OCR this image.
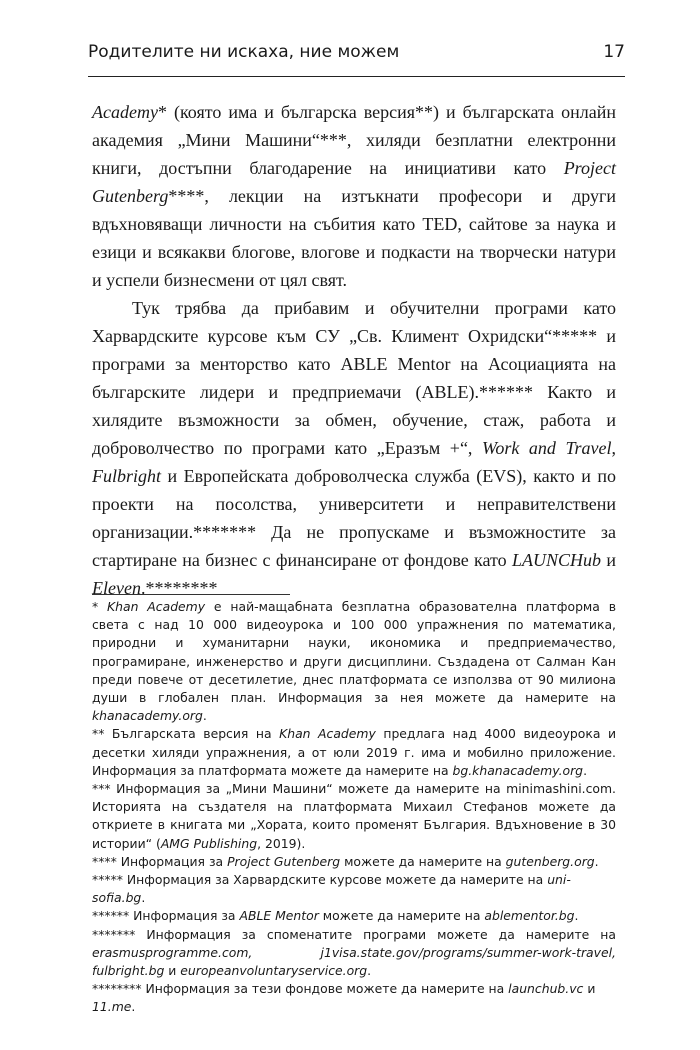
Родителите ни искаха, ние можем	17

Academy* (която има и българска версия**) и българската онлайн академия „Мини Машини“***, хиляди безплатни електронни книги, достъпни благодарение на инициативи като Project Gutenberg****, лекции на изтъкнати професори и други вдъхновяващи личности на събития като TED, сайтове за наука и езици и всякакви блогове, влогове и подкасти на творчески натури и успели бизнесмени от цял свят.

Тук трябва да прибавим и обучителни програми като Харвардските курсове към СУ „Св. Климент Охридски“***** и програми за менторство като ABLE Mentor на Асоциацията на българските лидери и предприемачи (ABLE).****** Както и хилядите възможности за обмен, обучение, стаж, работа и доброволчество по програми като „Еразъм +“, Work and Travel, Fulbright и Европейската доброволческа служба (EVS), както и по проекти на посолства, университети и неправителствени организации.******* Да не пропускаме и възможностите за стартиране на бизнес с финансиране от фондове като LAUNCHub и Eleven.********

* Khan Academy е най-мащабната безплатна образователна платформа в света с над 10 000 видеоурока и 100 000 упражнения по математика, природни и хуманитарни науки, икономика и предприемачество, програмиране, инженерство и други дисциплини. Създадена от Салман Кан преди повече от десетилетие, днес платформата се използва от 90 милиона души в глобален план. Информация за нея можете да намерите на khanacademy.org.

** Българската версия на Khan Academy предлага над 4000 видеоурока и десетки хиляди упражнения, а от юли 2019 г. има и мобилно приложение. Информация за платформата можете да намерите на bg.khanacademy.org.

*** Информация за „Мини Машини“ можете да намерите на minimashini.com. Историята на създателя на платформата Михаил Стефанов можете да откриете в книгата ми „Хората, които променят България. Вдъхновение в 30 истории“ (AMG Publishing, 2019).

**** Информация за Project Gutenberg можете да намерите на gutenberg.org.

***** Информация за Харвардските курсове можете да намерите на uni-sofia.bg.

****** Информация за ABLE Mentor можете да намерите на ablementor.bg.

******* Информация за споменатите програми можете да намерите на erasmusprogramme.com, j1visa.state.gov/programs/summer-work-travel, fulbright.bg и europeanvoluntaryservice.org.

******** Информация за тези фондове можете да намерите на launchub.vc и 11.me.
